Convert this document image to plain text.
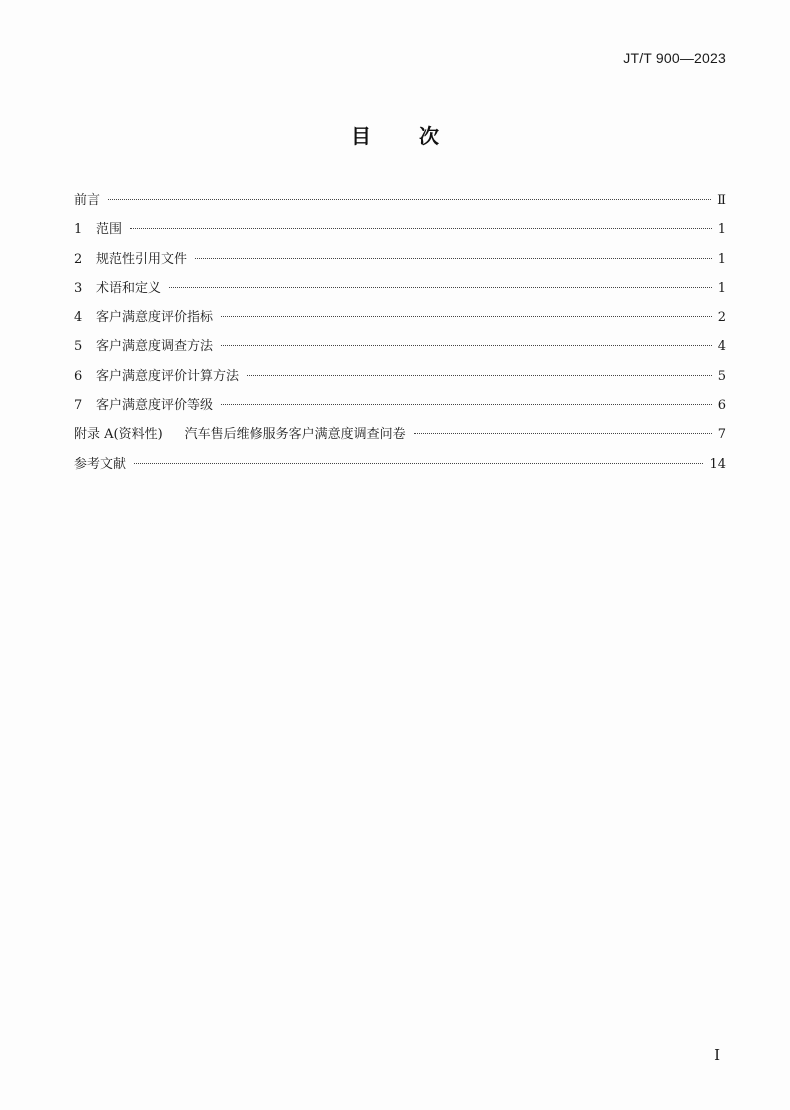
JT/T 900—2023
目次
前言	Ⅱ
1	范围	1
2	规范性引用文件	1
3	术语和定义	1
4	客户满意度评价指标	2
5	客户满意度调查方法	4
6	客户满意度评价计算方法	5
7	客户满意度评价等级	6
附录 A(资料性) 汽车售后维修服务客户满意度调查问卷	7
参考文献	14
I
